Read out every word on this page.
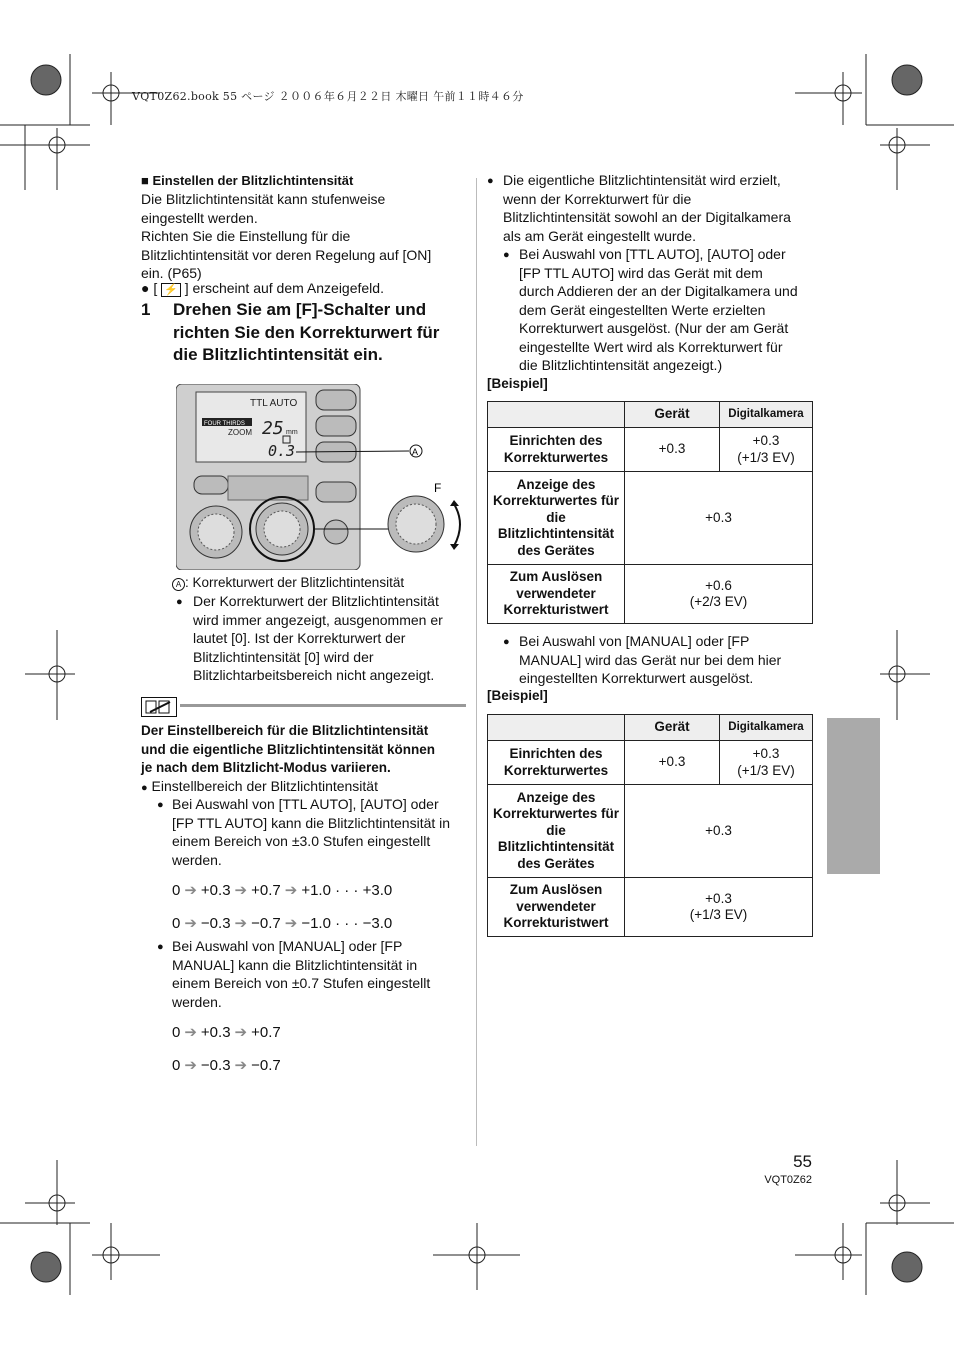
VQT0Z62.book 55 ページ ２００６年６月２２日 木曜日 午前１１時４６分
■ Einstellen der Blitzlichtintensität
Die Blitzlichtintensität kann stufenweise
eingestellt werden.
Richten Sie die Einstellung für die
Blitzlichtintensität vor deren Regelung auf [ON]
ein. (P65)
● [ ⚡ ] erscheint auf dem Anzeigefeld.
1 Drehen Sie am [F]-Schalter und
richten Sie den Korrekturwert für
die Blitzlichtintensität ein.
TTL AUTO
FOUR THIRDS
ZOOM 25 mm
0.3	A
F
A : Korrekturwert der Blitzlichtintensität
● Der Korrekturwert der Blitzlichtintensität
wird immer angezeigt, ausgenommen er
lautet [0]. Ist der Korrekturwert der
Blitzlichtintensität [0] wird der
Blitzlichtarbeitsbereich nicht angezeigt.
Der Einstellbereich für die Blitzlichtintensität
und die eigentliche Blitzlichtintensität können
je nach dem Blitzlicht-Modus variieren.
● Einstellbereich der Blitzlichtintensität
● Bei Auswahl von [TTL AUTO], [AUTO] oder
[FP TTL AUTO] kann die Blitzlichtintensität in
einem Bereich von ±3.0 Stufen eingestellt
werden.
0 ➔ +0.3 ➔ +0.7 ➔ +1.0 · · · +3.0
0 ➔ −0.3 ➔ −0.7 ➔ −1.0 · · · −3.0
● Bei Auswahl von [MANUAL] oder [FP
MANUAL] kann die Blitzlichtintensität in
einem Bereich von ±0.7 Stufen eingestellt
werden.
0 ➔ +0.3 ➔ +0.7
0 ➔ −0.3 ➔ −0.7
● Die eigentliche Blitzlichtintensität wird erzielt,
wenn der Korrekturwert für die
Blitzlichtintensität sowohl an der Digitalkamera
als am Gerät eingestellt wurde.
● Bei Auswahl von [TTL AUTO], [AUTO] oder
[FP TTL AUTO] wird das Gerät mit dem
durch Addieren der an der Digitalkamera und
dem Gerät eingestellten Werte erzielten
Korrekturwert ausgelöst. (Nur der am Gerät
eingestellte Wert wird als Korrekturwert für
die Blitzlichtintensität angezeigt.)
[Beispiel]
	Gerät	Digitalkamera
Einrichten des Korrekturwertes	+0.3	+0.3
(+1/3 EV)

Anzeige des Korrekturwertes für die Blitzlichtintensität des Gerätes	+0.3	
Zum Auslösen verwendeter Korrekturistwert	+0.6
(+2/3 EV)	
● Bei Auswahl von [MANUAL] oder [FP
MANUAL] wird das Gerät nur bei dem hier
eingestellten Korrekturwert ausgelöst.
[Beispiel]
	Gerät	Digitalkamera
Einrichten des Korrekturwertes	+0.3	+0.3
(+1/3 EV)

Anzeige des Korrekturwertes für die Blitzlichtintensität des Gerätes	+0.3	
Zum Auslösen verwendeter Korrekturistwert	+0.3
(+1/3 EV)	
55
VQT0Z62
